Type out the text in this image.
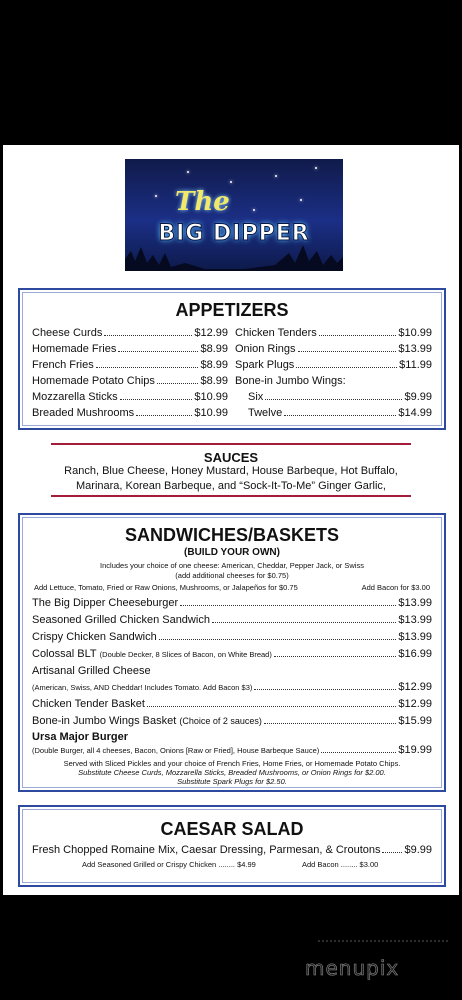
The
BIG DIPPER
APPETIZERS
Cheese Curds	$12.99
Homemade Fries	$8.99
French Fries	$8.99
Homemade Potato Chips	$8.99
Mozzarella Sticks	$10.99
Breaded Mushrooms	$10.99
Chicken Tenders	$10.99
Onion Rings	$13.99
Spark Plugs	$11.99
Bone-in Jumbo Wings:
Six	$9.99
Twelve	$14.99
SAUCES
Ranch, Blue Cheese, Honey Mustard, House Barbeque, Hot Buffalo,
Marinara, Korean Barbeque, and “Sock-It-To-Me” Ginger Garlic,
SANDWICHES/BASKETS
(BUILD YOUR OWN)
Includes your choice of one cheese: American, Cheddar, Pepper Jack, or Swiss
(add additional cheeses for $0.75)
Add Lettuce, Tomato, Fried or Raw Onions, Mushrooms, or Jalapeños for $0.75	Add Bacon for $3.00
The Big Dipper Cheeseburger	$13.99
Seasoned Grilled Chicken Sandwich	$13.99
Crispy Chicken Sandwich	$13.99
Colossal BLT
(Double Decker, 8 Slices of Bacon, on White Bread)	$16.99
Artisanal Grilled Cheese
(American, Swiss, AND Cheddar! Includes Tomato. Add Bacon $3)	$12.99
Chicken Tender Basket	$12.99
Bone-in Jumbo Wings Basket
(Choice of 2 sauces)	$15.99
Ursa Major Burger
(Double Burger, all 4 cheeses, Bacon, Onions [Raw or Fried], House Barbeque Sauce)	$19.99
Served with Sliced Pickles and your choice of French Fries, Home Fries, or Homemade Potato Chips.
Substitute Cheese Curds, Mozzarella Sticks, Breaded Mushrooms, or Onion Rings for $2.00.
Substitute Spark Plugs for $2.50.
CAESAR SALAD
Fresh Chopped Romaine Mix, Caesar Dressing, Parmesan, & Croutons $9.99
Add Seasoned Grilled or Crispy Chicken ........ $4.99	Add Bacon ........ $3.00
menupix
